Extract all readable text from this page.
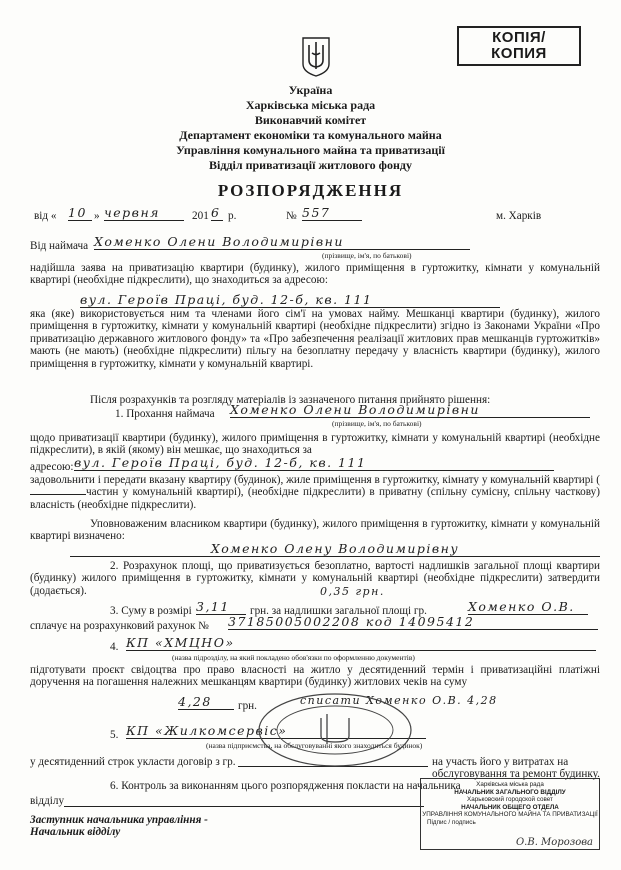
КОПІЯ/
КОПИЯ
Україна
Харківська міська рада
Виконавчий комітет
Департамент економіки та комунального майна
Управління комунального майна та приватизації
Відділ приватизації житлового фонду
РОЗПОРЯДЖЕННЯ
від « 10 » червня	201 6 р.	№ 557	м. Харків
Від наймача Хоменко Олени Володимирівни
(прізвище, ім'я, по батькові)
надійшла заява на приватизацію квартири (будинку), жилого приміщення в гуртожитку, кімнати у комунальній квартирі (необхідне підкреслити), що знаходиться за адресою:
вул. Героїв Праці, буд. 12-б, кв. 111
яка (яке) використовується ним та членами його сім'ї на умовах найму. Мешканці квартири (будинку), жилого приміщення в гуртожитку, кімнати у комунальній квартирі (необхідне підкреслити) згідно із Законами України «Про приватизацію державного житлового фонду» та «Про забезпечення реалізації житлових прав мешканців гуртожитків» мають (не мають) (необхідне підкреслити) пільгу на безоплатну передачу у власність квартири (будинку), жилого приміщення в гуртожитку, кімнати у комунальній квартирі.
Після розрахунків та розгляду матеріалів із зазначеного питання прийнято рішення:
1. Прохання наймача Хоменко Олени Володимирівни
(прізвище, ім'я, по батькові)
щодо приватизації квартири (будинку), жилого приміщення в гуртожитку, кімнати у комунальній квартирі (необхідне підкреслити), в якій (якому) він мешкає, що знаходиться за
адресою: вул. Героїв Праці, буд. 12-б, кв. 111
задовольнити і передати вказану квартиру (будинок), жиле приміщення в гуртожитку, кімнату у комунальній квартирі (частин у комунальній квартирі), (необхідне підкреслити) в приватну (спільну сумісну, спільну часткову) власність (необхідне підкреслити).
Уповноваженим власником квартири (будинку), жилого приміщення в гуртожитку, кімнати у комунальній квартирі визначено:
Хоменко Олену Володимирівну
2. Розрахунок площі, що приватизується безоплатно, вартості надлишків загальної площі квартири (будинку) жилого приміщення в гуртожитку, кімнати у комунальній квартирі (необхідне підкреслити) затвердити (додається).	0,35 грн.
3. Суму в розмірі 3,11	грн. за надлишки загальної площі гр.	Хоменко О.В.
сплачує на розрахунковий рахунок № 37185005002208 код 14095412
4. КП «ХМЦНО»
(назва підрозділу, на який покладено обов'язки по оформленню документів)
підготувати проєкт свідоцтва про право власності на житло у десятиденний термін і приватизаційні платіжні доручення на погашення належних мешканцям квартири (будинку) житлових чеків на суму
4,28	грн.	списати Хоменко О.В. 4,28
5. КП «Жилкомсервіс»
(назва підприємства, на обслуговуванні якого знаходиться будинок)
у десятиденний строк укласти договір з гр.	на участь його у витратах на обслуговування та ремонт будинку.
6. Контроль за виконанням цього розпорядження покласти на начальника
відділу
Заступник начальника управління -
Начальник відділу
Харківська міська рада
НАЧАЛЬНИК ЗАГАЛЬНОГО ВІДДІЛУ
Харьковский городской совет
НАЧАЛЬНИК ОБЩЕГО ОТДЕЛА
УПРАВЛІННЯ КОМУНАЛЬНОГО МАЙНА ТА ПРИВАТИЗАЦІЇ
Підпис / подпись
О.В. Морозова
